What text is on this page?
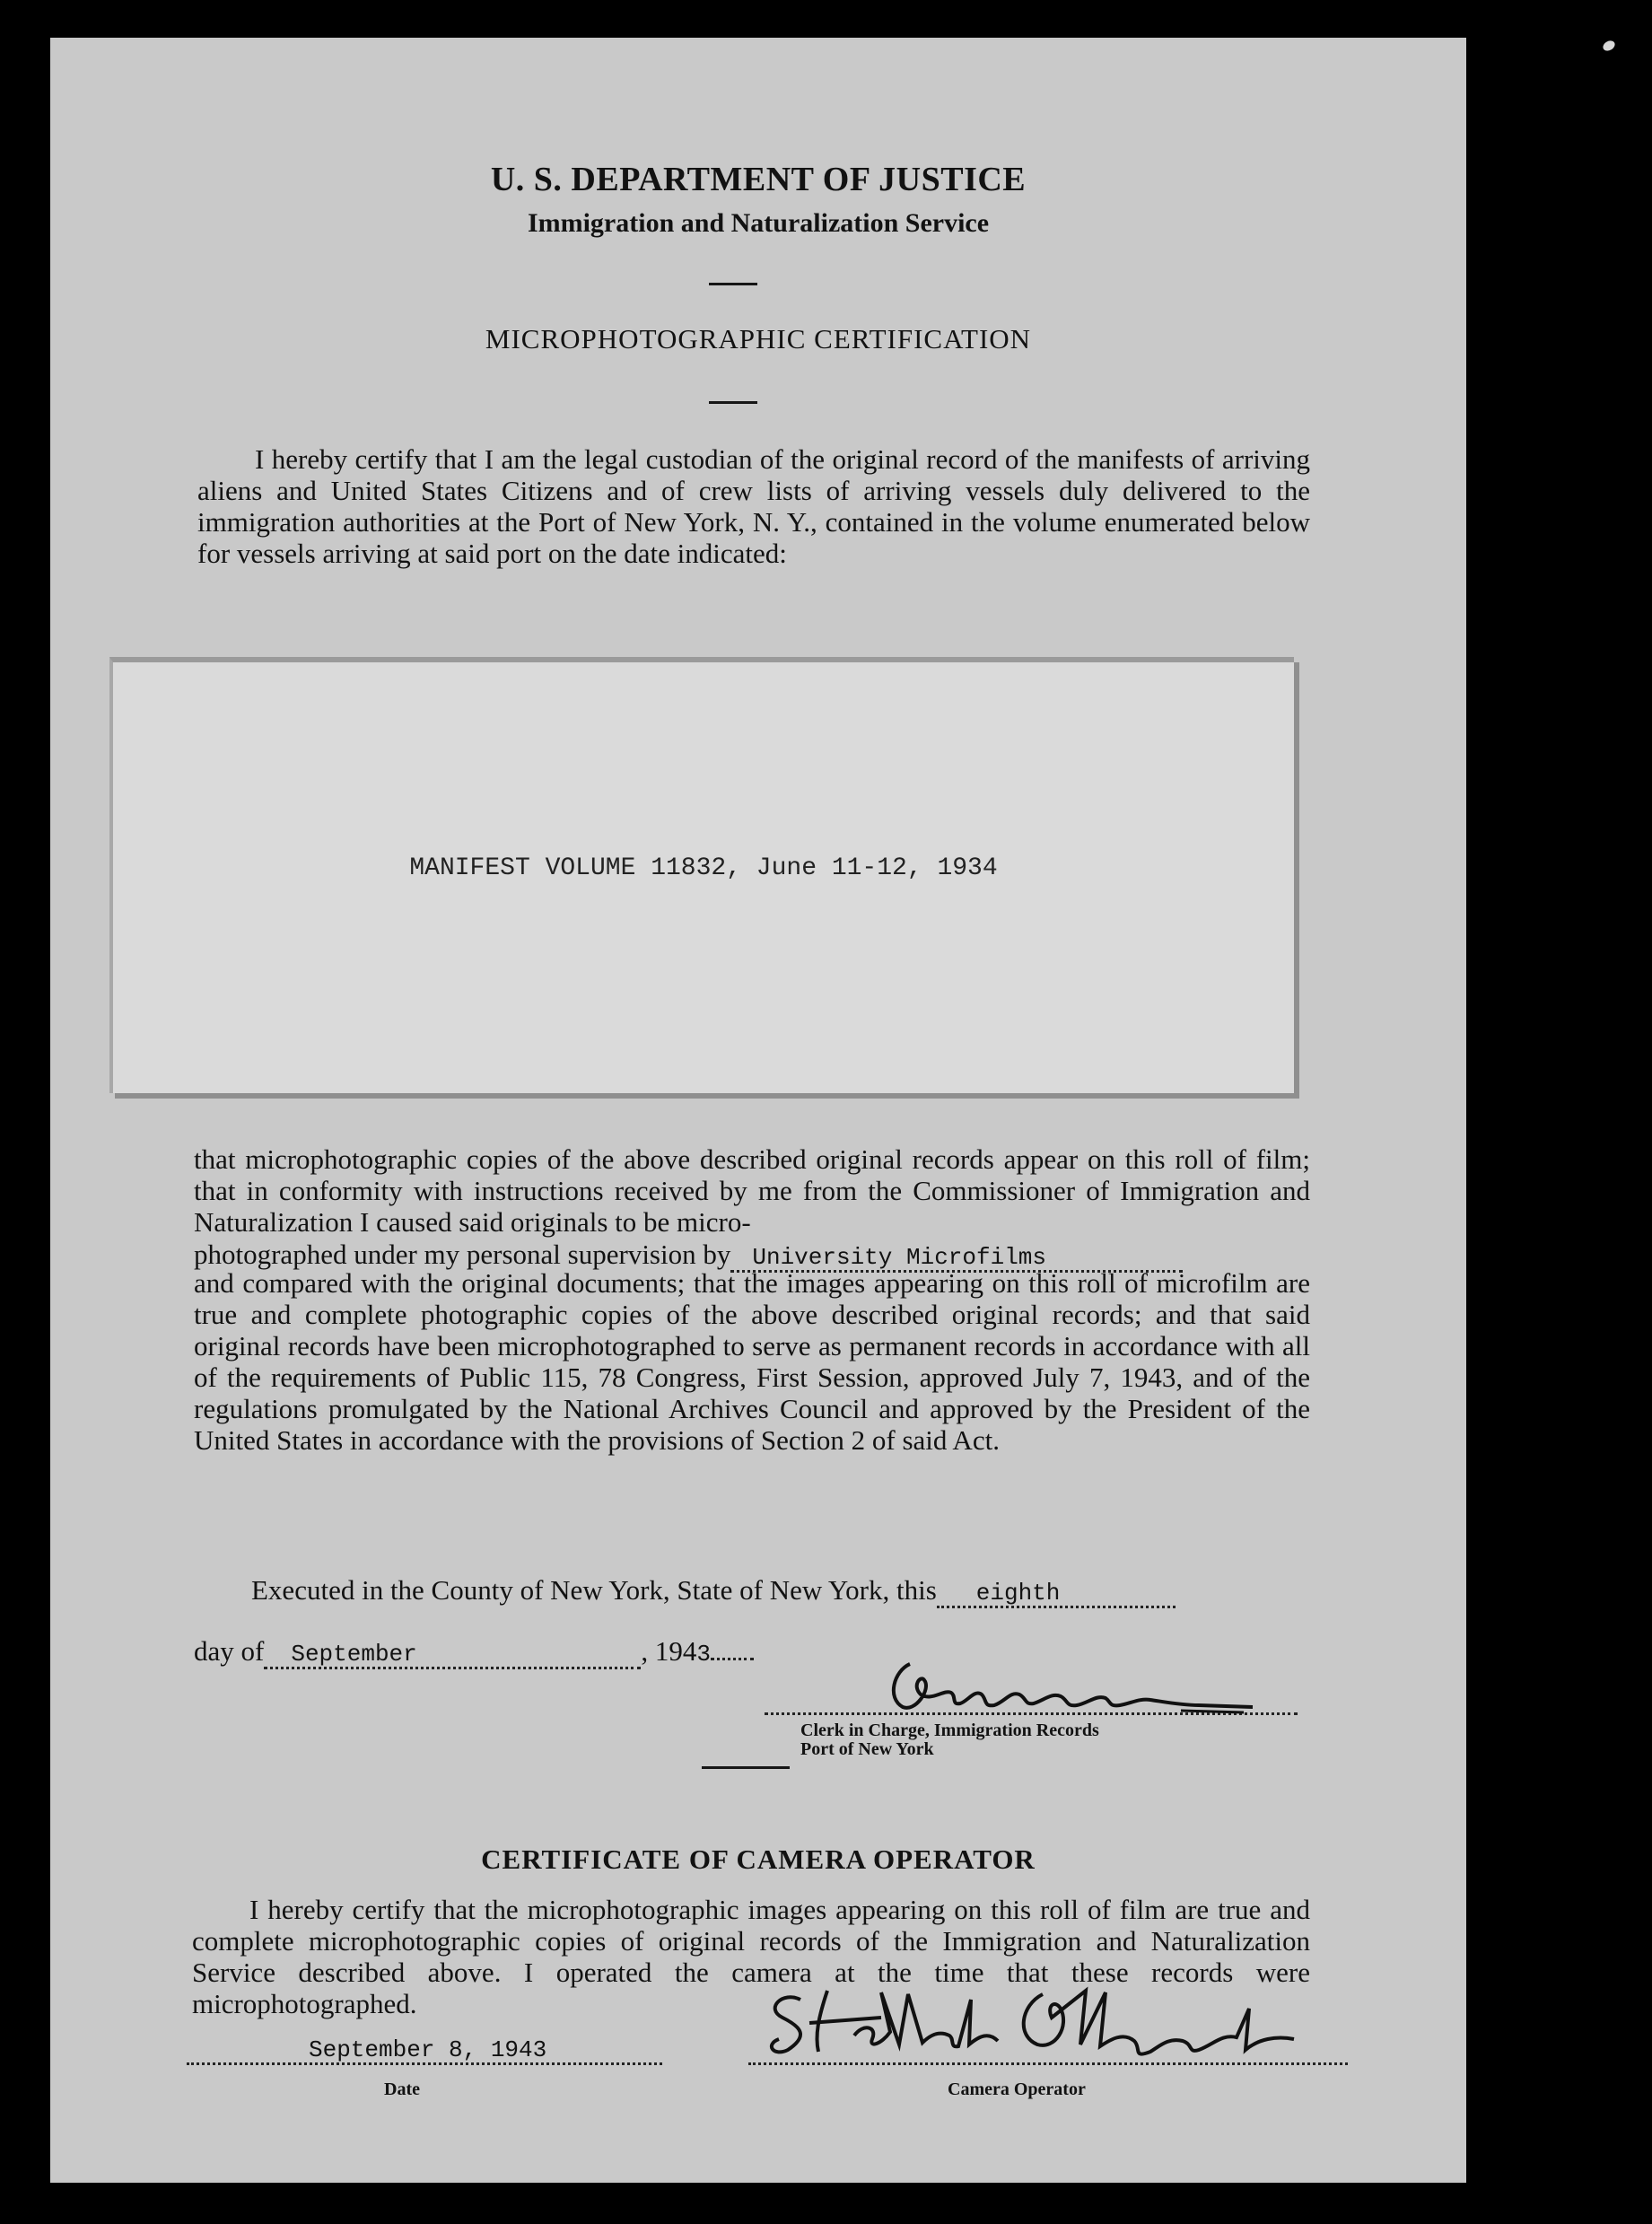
U. S. DEPARTMENT OF JUSTICE
Immigration and Naturalization Service
MICROPHOTOGRAPHIC CERTIFICATION
I hereby certify that I am the legal custodian of the original record of the manifests of arriving aliens and United States Citizens and of crew lists of arriving vessels duly delivered to the immigration authorities at the Port of New York, N. Y., contained in the volume enumerated below for vessels arriving at said port on the date indicated:
MANIFEST VOLUME 11832, June 11-12, 1934
that microphotographic copies of the above described original records appear on this roll of film; that in conformity with instructions received by me from the Commissioner of Immigration and Naturalization I caused said originals to be micro-
photographed under my personal supervision by University Microfilms
and compared with the original documents; that the images appearing on this roll of microfilm are true and complete photographic copies of the above described original records; and that said original records have been microphotographed to serve as permanent records in accordance with all of the requirements of Public 115, 78 Congress, First Session, approved July 7, 1943, and of the regulations promulgated by the National Archives Council and approved by the President of the United States in accordance with the provisions of Section 2 of said Act.
Executed in the County of New York, State of New York, this eighth
day of September	, 1943
Clerk in Charge, Immigration Records
Port of New York
CERTIFICATE OF CAMERA OPERATOR
I hereby certify that the microphotographic images appearing on this roll of film are true and complete microphotographic copies of original records of the Immigration and Naturalization Service described above. I operated the camera at the time that these records were microphotographed.
September 8, 1943
Date	Camera Operator
